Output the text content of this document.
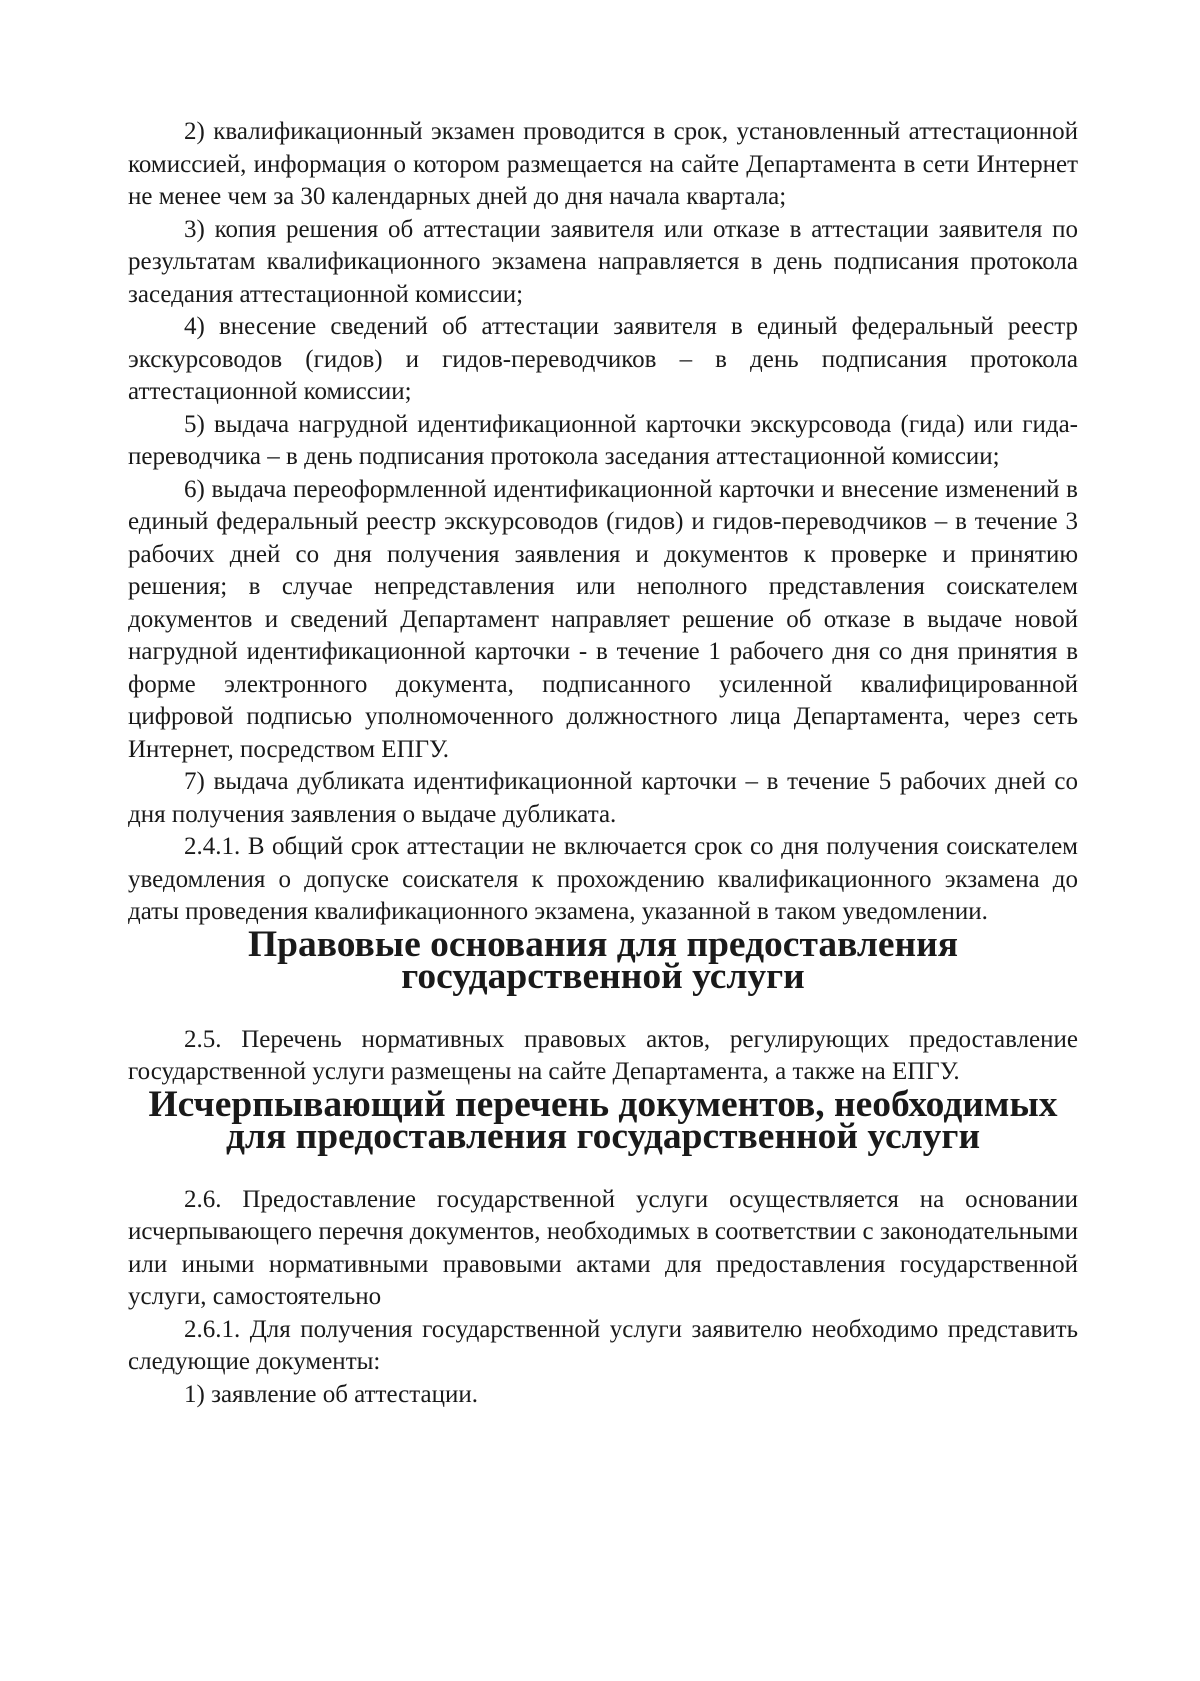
2) квалификационный экзамен проводится в срок, установленный аттестационной комиссией, информация о котором размещается на сайте Департамента в сети Интернет не менее чем за 30 календарных дней до дня начала квартала;

3) копия решения об аттестации заявителя или отказе в аттестации заявителя по результатам квалификационного экзамена направляется в день подписания протокола заседания аттестационной комиссии;

4) внесение сведений об аттестации заявителя в единый федеральный реестр экскурсоводов (гидов) и гидов-переводчиков – в день подписания протокола аттестационной комиссии;

5) выдача нагрудной идентификационной карточки экскурсовода (гида) или гида-переводчика – в день подписания протокола заседания аттестационной комиссии;

6) выдача переоформленной идентификационной карточки и внесение изменений в единый федеральный реестр экскурсоводов (гидов) и гидов-переводчиков – в течение 3 рабочих дней со дня получения заявления и документов к проверке и принятию решения; в случае непредставления или неполного представления соискателем документов и сведений Департамент направляет решение об отказе в выдаче новой нагрудной идентификационной карточки - в течение 1 рабочего дня со дня принятия в форме электронного документа, подписанного усиленной квалифицированной цифровой подписью уполномоченного должностного лица Департамента, через сеть Интернет, посредством ЕПГУ.

7) выдача дубликата идентификационной карточки – в течение 5 рабочих дней со дня получения заявления о выдаче дубликата.

2.4.1. В общий срок аттестации не включается срок со дня получения соискателем уведомления о допуске соискателя к прохождению квалификационного экзамена до даты проведения квалификационного экзамена, указанной в таком уведомлении.

Правовые основания для предоставления государственной услуги

2.5. Перечень нормативных правовых актов, регулирующих предоставление государственной услуги размещены на сайте Департамента, а также на ЕПГУ.

Исчерпывающий перечень документов, необходимых
для предоставления государственной услуги

2.6. Предоставление государственной услуги осуществляется на основании исчерпывающего перечня документов, необходимых в соответствии с законодательными или иными нормативными правовыми актами для предоставления государственной услуги, самостоятельно

2.6.1. Для получения государственной услуги заявителю необходимо представить следующие документы:

1) заявление об аттестации.
